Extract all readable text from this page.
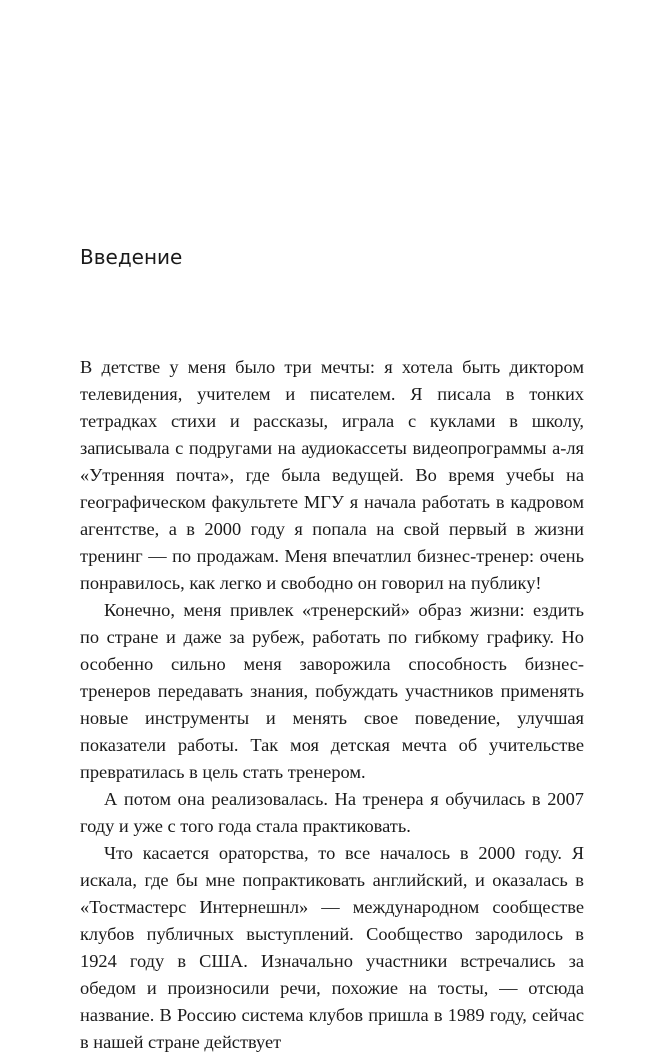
Введение

В детстве у меня было три мечты: я хотела быть диктором телевидения, учителем и писателем. Я писала в тонких тетрадках стихи и рассказы, играла с куклами в школу, записывала с подругами на аудиокассеты видеопрограммы а-ля «Утренняя почта», где была ведущей. Во время учебы на географическом факультете МГУ я начала работать в кадровом агентстве, а в 2000 году я попала на свой первый в жизни тренинг — по продажам. Меня впечатлил бизнес-тренер: очень понравилось, как легко и свободно он говорил на публику!

Конечно, меня привлек «тренерский» образ жизни: ездить по стране и даже за рубеж, работать по гибкому графику. Но особенно сильно меня заворожила способность бизнес-тренеров передавать знания, побуждать участников применять новые инструменты и менять свое поведение, улучшая показатели работы. Так моя детская мечта об учительстве превратилась в цель стать тренером.

А потом она реализовалась. На тренера я обучилась в 2007 году и уже с того года стала практиковать.

Что касается ораторства, то все началось в 2000 году. Я искала, где бы мне попрактиковать английский, и оказалась в «Тостмастерс Интернешнл» — международном сообществе клубов публичных выступлений. Сообщество зародилось в 1924 году в США. Изначально участники встречались за обедом и произносили речи, похожие на тосты, — отсюда название. В Россию система клубов пришла в 1989 году, сейчас в нашей стране действует
